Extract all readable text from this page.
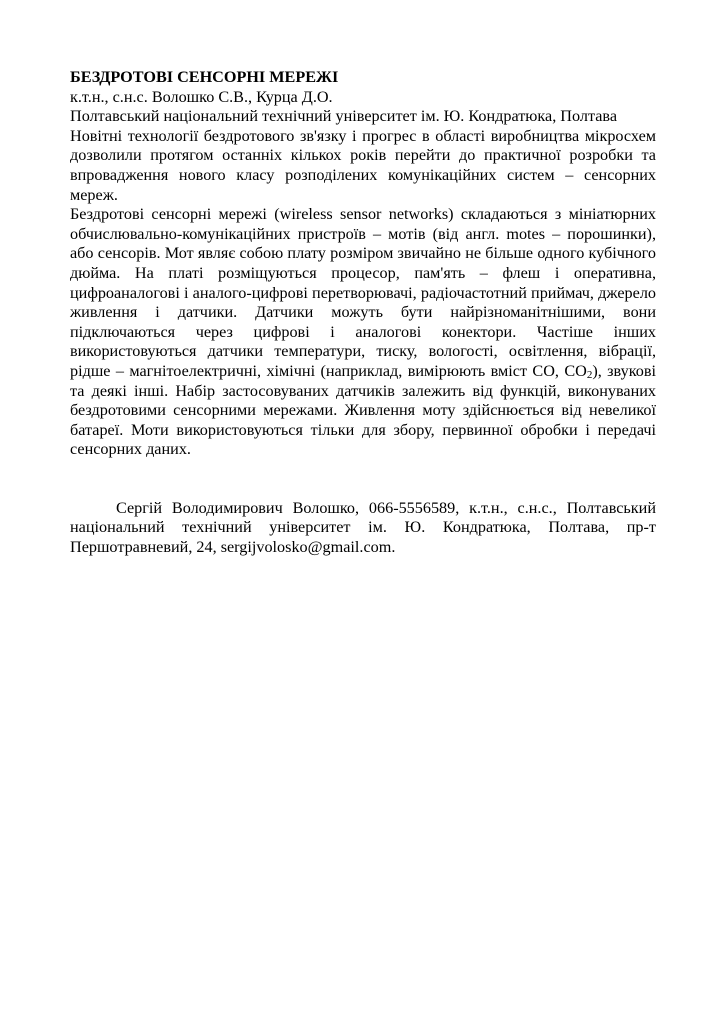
БЕЗДРОТОВІ СЕНСОРНІ МЕРЕЖІ

к.т.н., с.н.с. Волошко С.В., Курца Д.О.

Полтавський національний технічний університет ім. Ю. Кондратюка, Полтава

Новітні технології бездротового зв'язку і прогрес в області виробництва мікросхем дозволили протягом останніх кількох років перейти до практичної розробки та впровадження нового класу розподілених комунікаційних систем – сенсорних мереж.

Бездротові сенсорні мережі (wireless sensor networks) складаються з мініатюрних обчислювально-комунікаційних пристроїв – мотів (від англ. motes – порошинки), або сенсорів. Мот являє собою плату розміром звичайно не більше одного кубічного дюйма. На платі розміщуються процесор, пам'ять – флеш і оперативна, цифроаналогові і аналого-цифрові перетворювачі, радіочастотний приймач, джерело живлення і датчики. Датчики можуть бути найрізноманітнішими, вони підключаються через цифрові і аналогові конектори. Частіше інших використовуються датчики температури, тиску, вологості, освітлення, вібрації, рідше – магнітоелектричні, хімічні (наприклад, вимірюють вміст CO, $CO_2$), звукові та деякі інші. Набір застосовуваних датчиків залежить від функцій, виконуваних бездротовими сенсорними мережами. Живлення моту здійснюється від невеликої батареї. Моти використовуються тільки для збору, первинної обробки і передачі сенсорних даних.

Сергій Володимирович Волошко, 066-5556589, к.т.н., с.н.с., Полтавський національний технічний університет ім. Ю. Кондратюка, Полтава, пр-т Першотравневий, 24, sergijvolosko@gmail.com.
